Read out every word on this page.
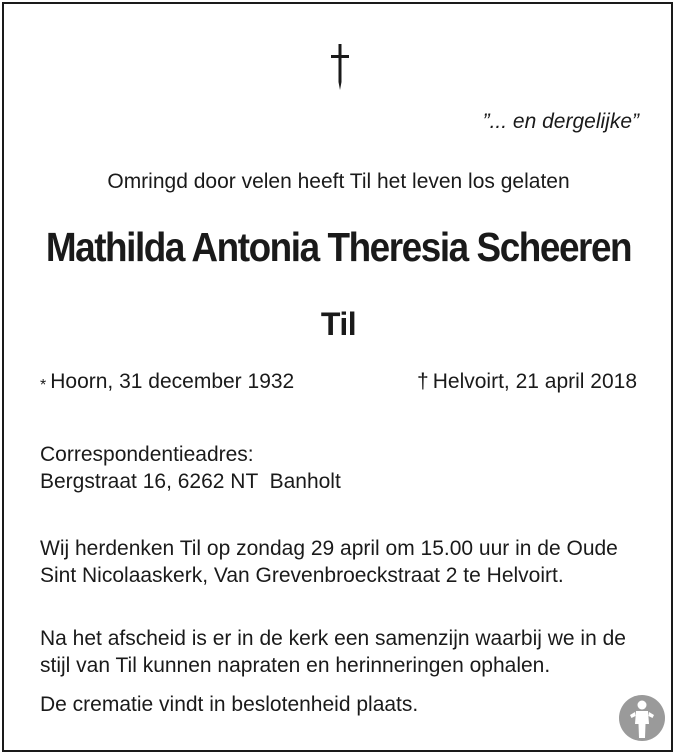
”... en dergelijke”
Omringd door velen heeft Til het leven los gelaten
Mathilda Antonia Theresia Scheeren
Til
* Hoorn, 31 december 1932	† Helvoirt, 21 april 2018
Correspondentieadres:
Bergstraat 16, 6262 NT  Banholt
Wij herdenken Til op zondag 29 april om 15.00 uur in de Oude Sint Nicolaaskerk, Van Grevenbroeckstraat 2 te Helvoirt.
Na het afscheid is er in de kerk een samenzijn waarbij we in de stijl van Til kunnen napraten en herinneringen ophalen.
De crematie vindt in beslotenheid plaats.
